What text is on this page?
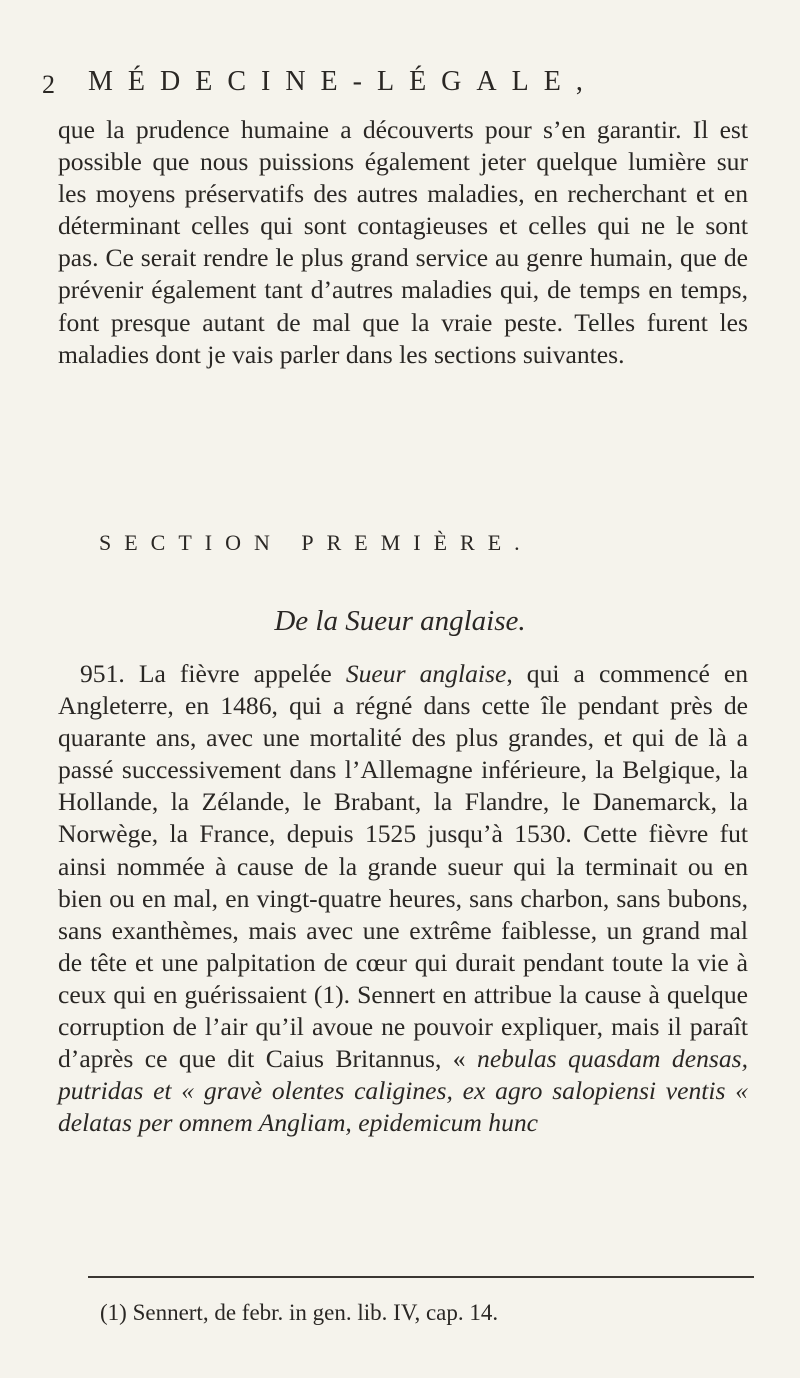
2 MÉDECINE-LÉGALE,

que la prudence humaine a découverts pour s’en garantir. Il est possible que nous puissions également jeter quelque lumière sur les moyens préservatifs des autres maladies, en recherchant et en déterminant celles qui sont contagieuses et celles qui ne le sont pas. Ce serait rendre le plus grand service au genre humain, que de prévenir également tant d’autres maladies qui, de temps en temps, font presque autant de mal que la vraie peste. Telles furent les maladies dont je vais parler dans les sections suivantes.

SECTION PREMIÈRE.
De la Sueur anglaise.

951. La fièvre appelée Sueur anglaise, qui a commencé en Angleterre, en 1486, qui a régné dans cette île pendant près de quarante ans, avec une mortalité des plus grandes, et qui de là a passé successivement dans l’Allemagne inférieure, la Belgique, la Hollande, la Zélande, le Brabant, la Flandre, le Danemarck, la Norwège, la France, depuis 1525 jusqu’à 1530. Cette fièvre fut ainsi nommée à cause de la grande sueur qui la terminait ou en bien ou en mal, en vingt-quatre heures, sans charbon, sans bubons, sans exanthèmes, mais avec une extrême faiblesse, un grand mal de tête et une palpitation de cœur qui durait pendant toute la vie à ceux qui en guérissaient (1). Sennert en attribue la cause à quelque corruption de l’air qu’il avoue ne pouvoir expliquer, mais il paraît d’après ce que dit Caius Britannus, « nebulas quasdam densas, putridas et « gravè olentes caligines, ex agro salopiensi ventis « delatas per omnem Angliam, epidemicum hunc

(1) Sennert, de febr. in gen. lib. IV, cap. 14.
